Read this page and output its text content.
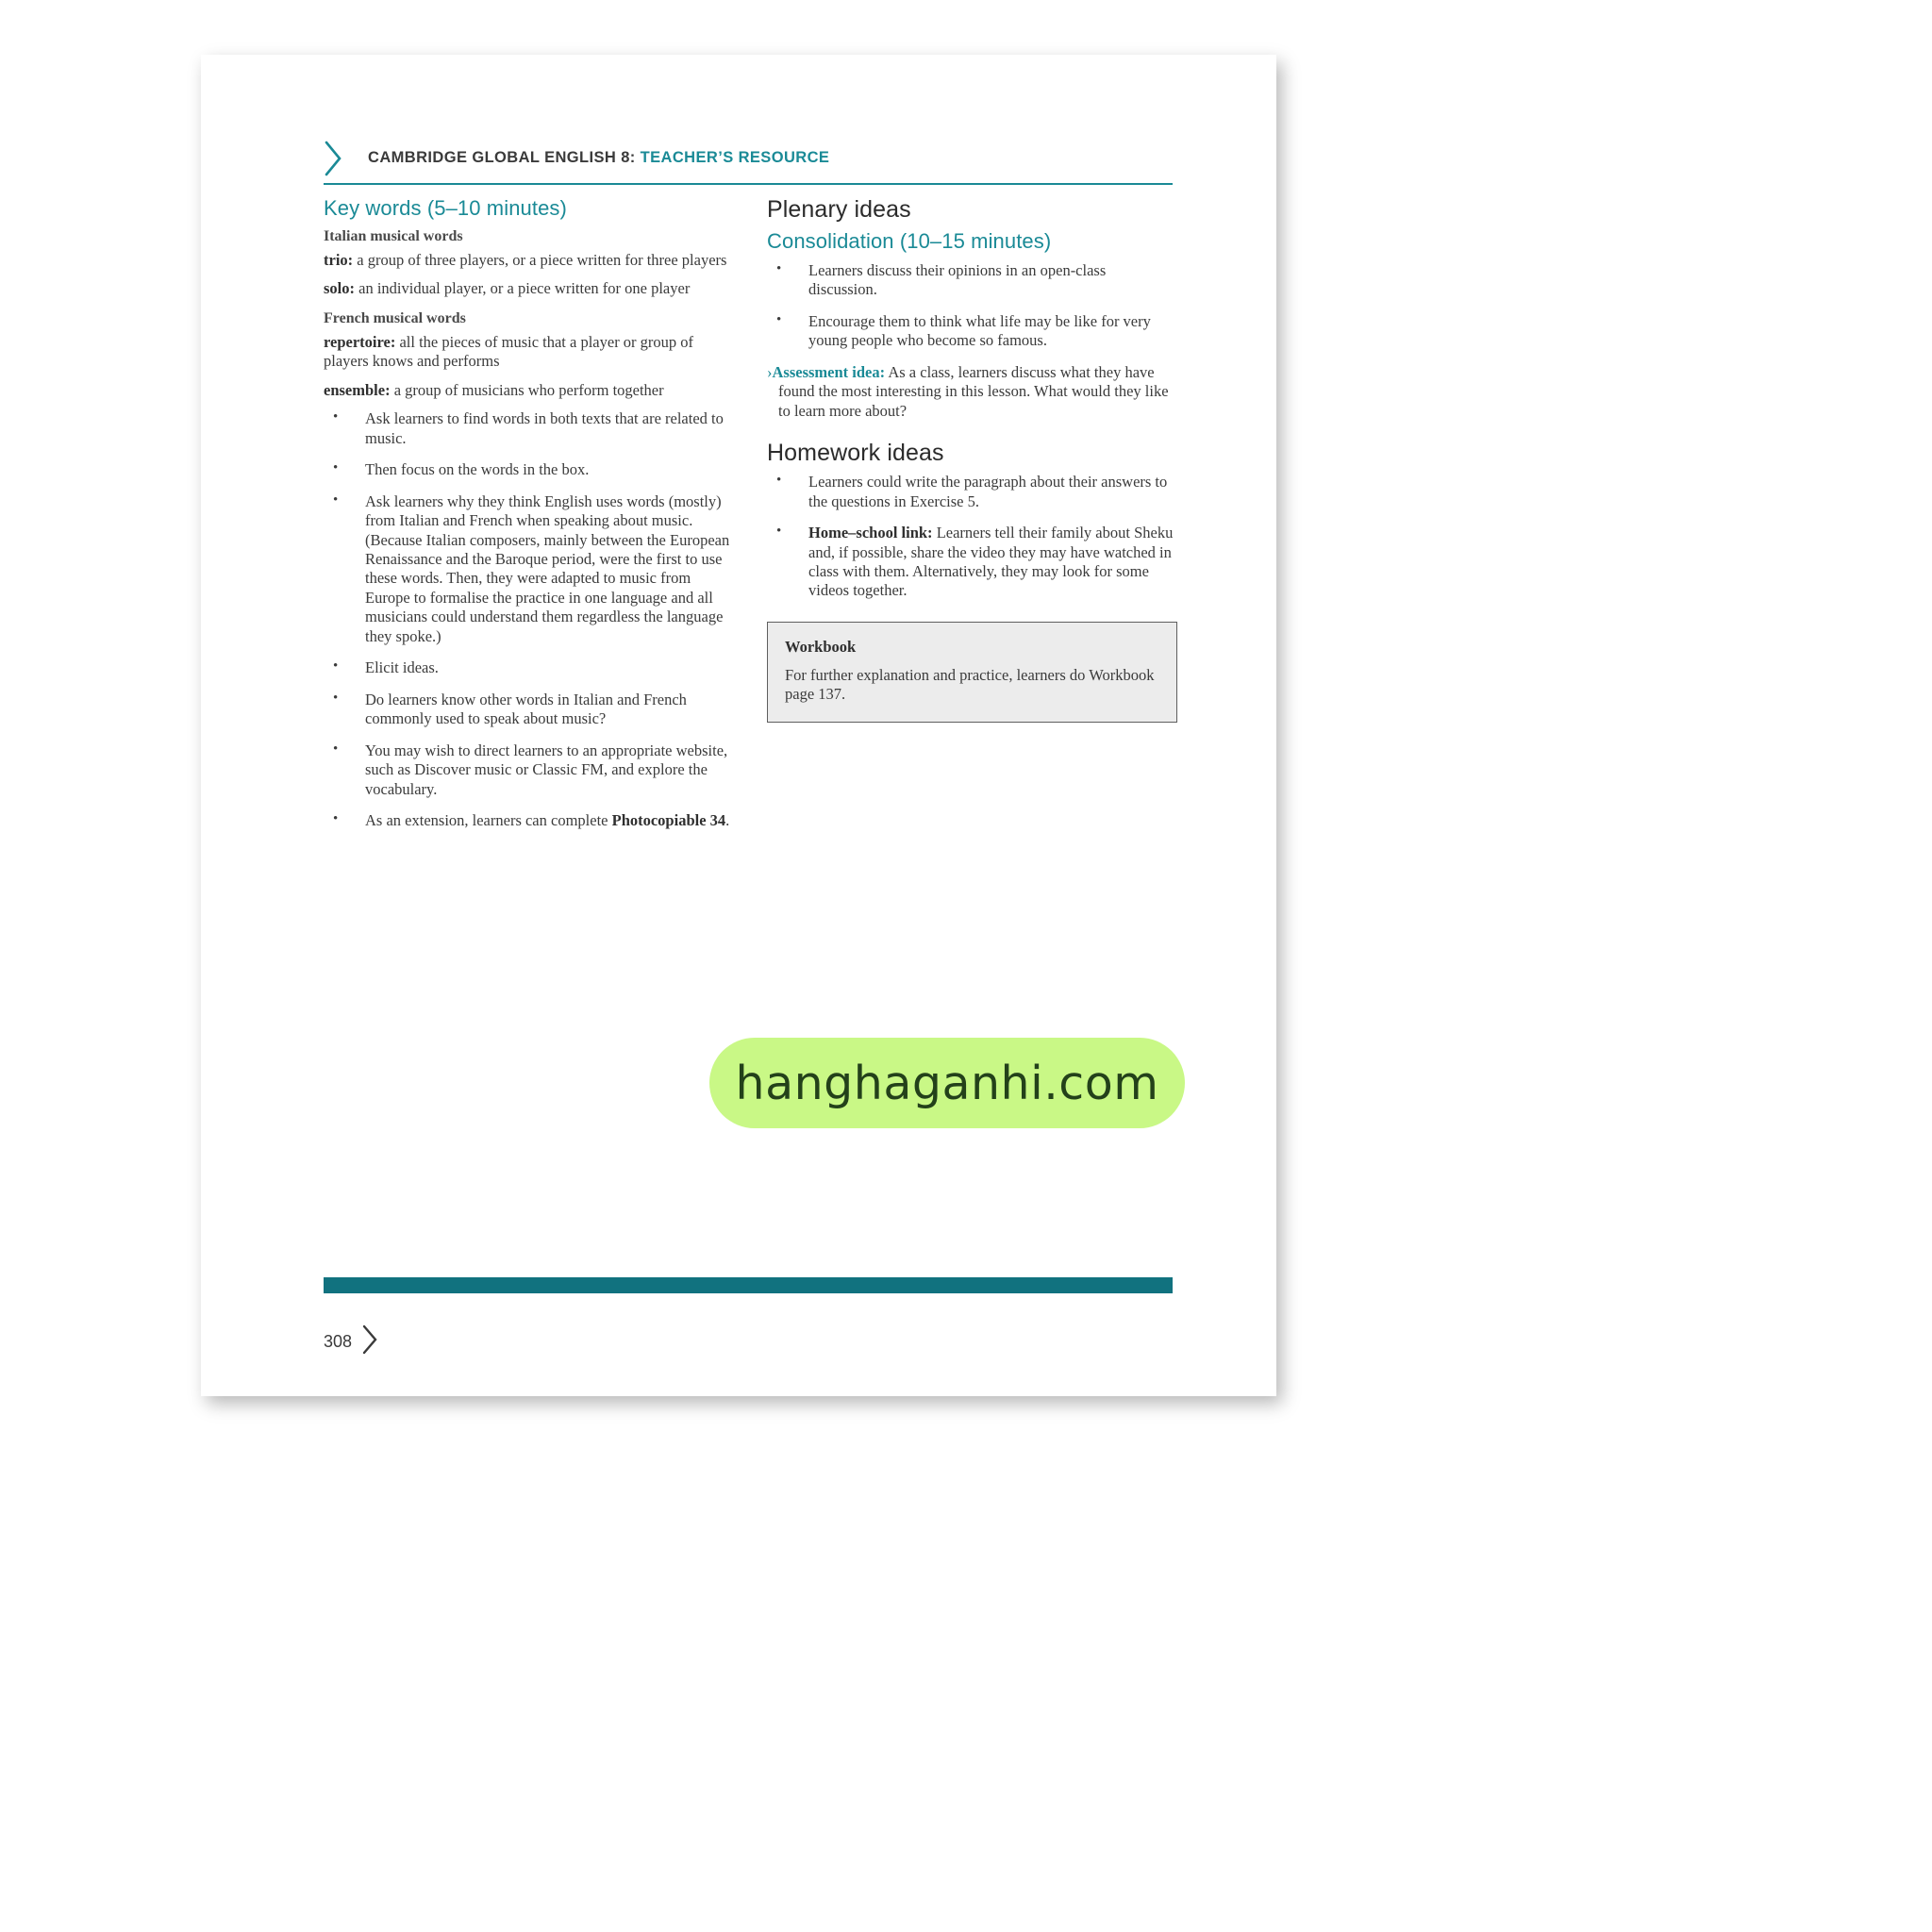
CAMBRIDGE GLOBAL ENGLISH 8: TEACHER’S RESOURCE
Key words (5–10 minutes)
Italian musical words

trio: a group of three players, or a piece written for three players

solo: an individual player, or a piece written for one player

French musical words

repertoire: all the pieces of music that a player or group of players knows and performs

ensemble: a group of musicians who perform together

• Ask learners to find words in both texts that are related to music.
• Then focus on the words in the box.
• Ask learners why they think English uses words (mostly) from Italian and French when speaking about music. (Because Italian composers, mainly between the European Renaissance and the Baroque period, were the first to use these words. Then, they were adapted to music from Europe to formalise the practice in one language and all musicians could understand them regardless the language they spoke.)
• Elicit ideas.
• Do learners know other words in Italian and French commonly used to speak about music?
• You may wish to direct learners to an appropriate website, such as Discover music or Classic FM, and explore the vocabulary.
• As an extension, learners can complete Photocopiable 34.
Plenary ideas
Consolidation (10–15 minutes)
• Learners discuss their opinions in an open-class discussion.
• Encourage them to think what life may be like for very young people who become so famous.

›Assessment idea: As a class, learners discuss what they have found the most interesting in this lesson. What would they like to learn more about?

Homework ideas
• Learners could write the paragraph about their answers to the questions in Exercise 5.
• Home–school link: Learners tell their family about Sheku and, if possible, share the video they may have watched in class with them. Alternatively, they may look for some videos together.

Workbook

For further explanation and practice, learners do Workbook page 137.

308
hanghaganhi.com
